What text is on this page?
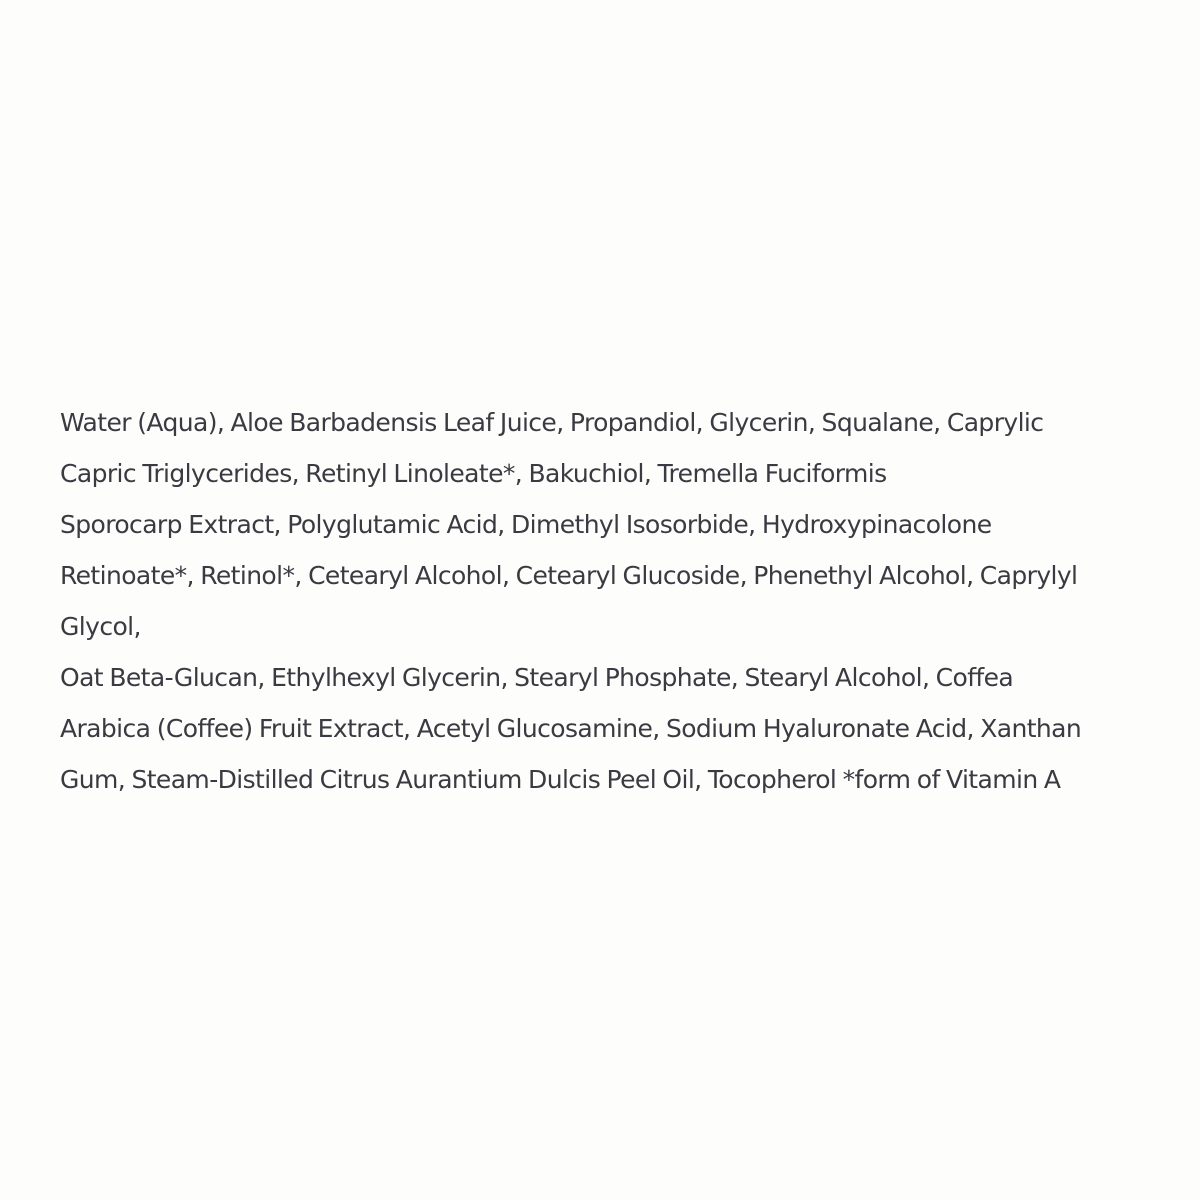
Water (Aqua), Aloe Barbadensis Leaf Juice, Propandiol, Glycerin, Squalane, Caprylic
Capric Triglycerides, Retinyl Linoleate*, Bakuchiol, Tremella Fuciformis
Sporocarp Extract, Polyglutamic Acid, Dimethyl Isosorbide, Hydroxypinacolone
Retinoate*, Retinol*, Cetearyl Alcohol, Cetearyl Glucoside, Phenethyl Alcohol, Caprylyl
Glycol,
Oat Beta-Glucan, Ethylhexyl Glycerin, Stearyl Phosphate, Stearyl Alcohol, Coffea
Arabica (Coffee) Fruit Extract, Acetyl Glucosamine, Sodium Hyaluronate Acid, Xanthan
Gum, Steam-Distilled Citrus Aurantium Dulcis Peel Oil, Tocopherol *form of Vitamin A
